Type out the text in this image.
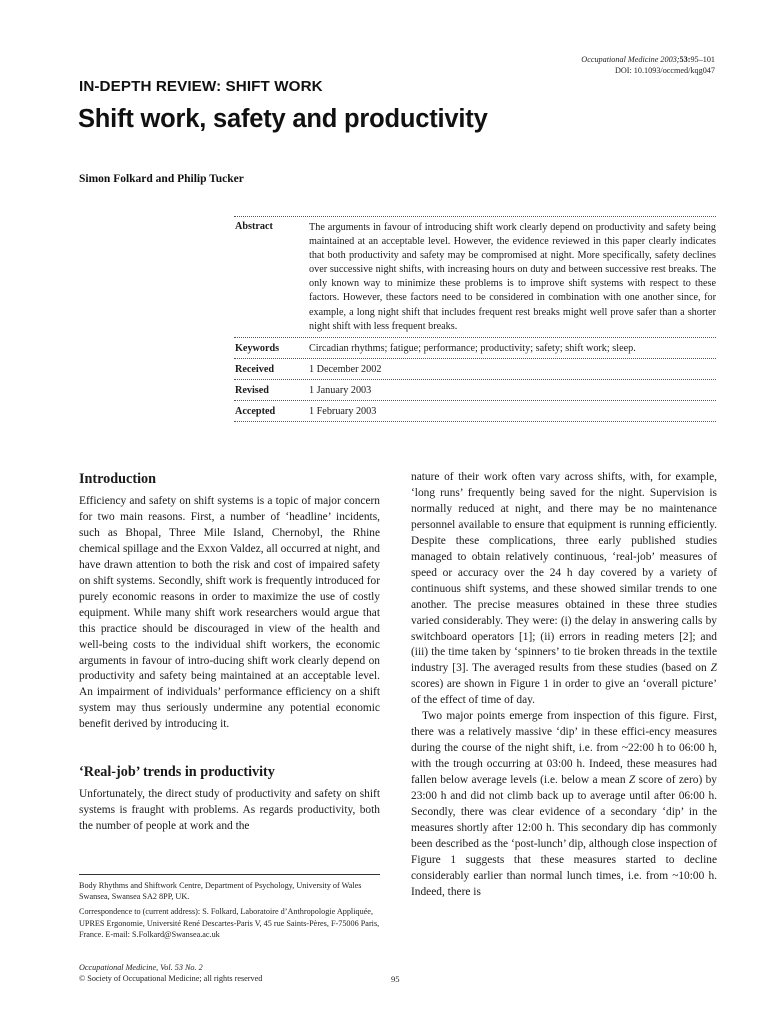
Occupational Medicine 2003;53:95–101
DOI: 10.1093/occmed/kqg047
IN-DEPTH REVIEW: SHIFT WORK
Shift work, safety and productivity
Simon Folkard and Philip Tucker
Abstract	The arguments in favour of introducing shift work clearly depend on productivity and safety being maintained at an acceptable level. However, the evidence reviewed in this paper clearly indicates that both productivity and safety may be compromised at night. More specifically, safety declines over successive night shifts, with increasing hours on duty and between successive rest breaks. The only known way to minimize these problems is to improve shift systems with respect to these factors. However, these factors need to be considered in combination with one another since, for example, a long night shift that includes frequent rest breaks might well prove safer than a shorter night shift with less frequent breaks.
Keywords	Circadian rhythms; fatigue; performance; productivity; safety; shift work; sleep.
Received	1 December 2002
Revised	1 January 2003
Accepted	1 February 2003
Introduction

Efficiency and safety on shift systems is a topic of major concern for two main reasons. First, a number of ‘headline’ incidents, such as Bhopal, Three Mile Island, Chernobyl, the Rhine chemical spillage and the Exxon Valdez, all occurred at night, and have drawn attention to both the risk and cost of impaired safety on shift systems. Secondly, shift work is frequently introduced for purely economic reasons in order to maximize the use of costly equipment. While many shift work researchers would argue that this practice should be discouraged in view of the health and well-being costs to the individual shift workers, the economic arguments in favour of intro-ducing shift work clearly depend on productivity and safety being maintained at an acceptable level. An impairment of individuals’ performance efficiency on a shift system may thus seriously undermine any potential economic benefit derived by introducing it.

‘Real-job’ trends in productivity

Unfortunately, the direct study of productivity and safety on shift systems is fraught with problems. As regards productivity, both the number of people at work and the

nature of their work often vary across shifts, with, for example, ‘long runs’ frequently being saved for the night. Supervision is normally reduced at night, and there may be no maintenance personnel available to ensure that equipment is running efficiently. Despite these complications, three early published studies managed to obtain relatively continuous, ‘real-job’ measures of speed or accuracy over the 24 h day covered by a variety of continuous shift systems, and these showed similar trends to one another. The precise measures obtained in these three studies varied considerably. They were: (i) the delay in answering calls by switchboard operators [1]; (ii) errors in reading meters [2]; and (iii) the time taken by ‘spinners’ to tie broken threads in the textile industry [3]. The averaged results from these studies (based on Z scores) are shown in Figure 1 in order to give an ‘overall picture’ of the effect of time of day.

Two major points emerge from inspection of this figure. First, there was a relatively massive ‘dip’ in these effici-ency measures during the course of the night shift, i.e. from ~22:00 h to 06:00 h, with the trough occurring at 03:00 h. Indeed, these measures had fallen below average levels (i.e. below a mean Z score of zero) by 23:00 h and did not climb back up to average until after 06:00 h. Secondly, there was clear evidence of a secondary ‘dip’ in the measures shortly after 12:00 h. This secondary dip has commonly been described as the ‘post-lunch’ dip, although close inspection of Figure 1 suggests that these measures started to decline considerably earlier than normal lunch times, i.e. from ~10:00 h. Indeed, there is

Body Rhythms and Shiftwork Centre, Department of Psychology, University of Wales Swansea, Swansea SA2 8PP, UK.

Correspondence to (current address): S. Folkard, Laboratoire d’Anthropologie Appliquée, UPRES Ergonomie, Université René Descartes-Paris V, 45 rue Saints-Pères, F-75006 Paris, France. E-mail: S.Folkard@Swansea.ac.uk

Occupational Medicine, Vol. 53 No. 2
© Society of Occupational Medicine; all rights reserved	95
